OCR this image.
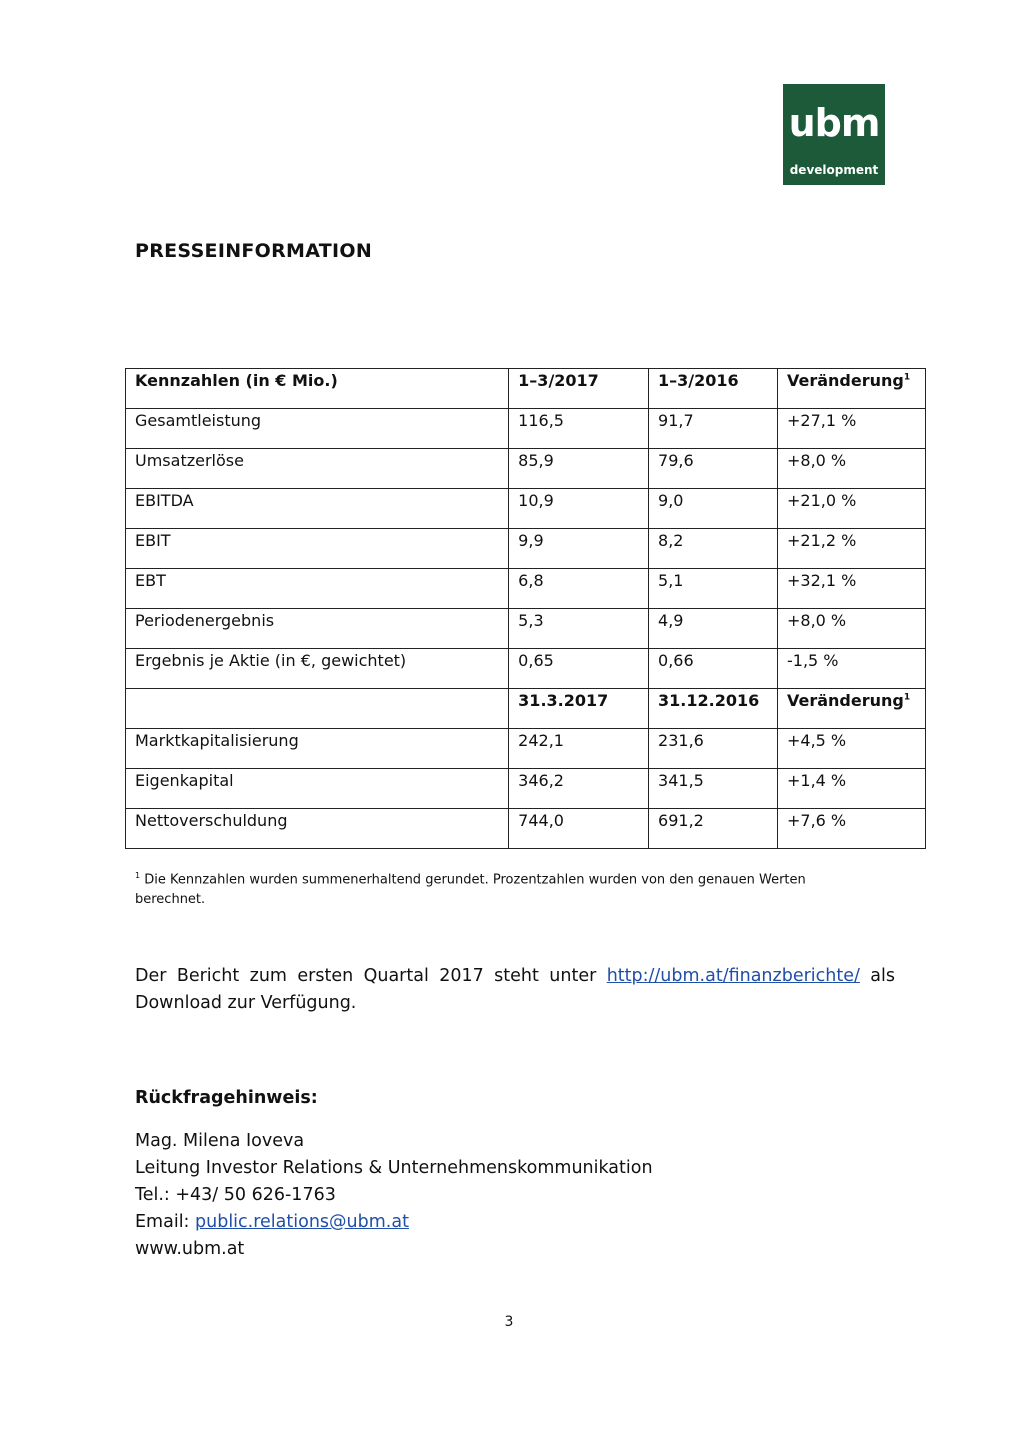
ubm
development
PRESSEINFORMATION
Kennzahlen (in € Mio.)	1–3/2017	1–3/2016	Veränderung$^1$
Gesamtleistung	116,5	91,7	+27,1 %
Umsatzerlöse	85,9	79,6	+8,0 %
EBITDA	10,9	9,0	+21,0 %
EBIT	9,9	8,2	+21,2 %
EBT	6,8	5,1	+32,1 %
Periodenergebnis	5,3	4,9	+8,0 %
Ergebnis je Aktie (in €, gewichtet)	0,65	0,66	-1,5 %
	31.3.2017	31.12.2016	Veränderung$^1$
Marktkapitalisierung	242,1	231,6	+4,5 %
Eigenkapital	346,2	341,5	+1,4 %
Nettoverschuldung	744,0	691,2	+7,6 %
$^1$ Die Kennzahlen wurden summenerhaltend gerundet. Prozentzahlen wurden von den genauen Werten berechnet.
Der Bericht zum ersten Quartal 2017 steht unter http://ubm.at/finanzberichte/ als Download zur Verfügung.
Rückfragehinweis:
Mag. Milena Ioveva
Leitung Investor Relations & Unternehmenskommunikation
Tel.: +43/ 50 626-1763
Email: public.relations@ubm.at
www.ubm.at
3
